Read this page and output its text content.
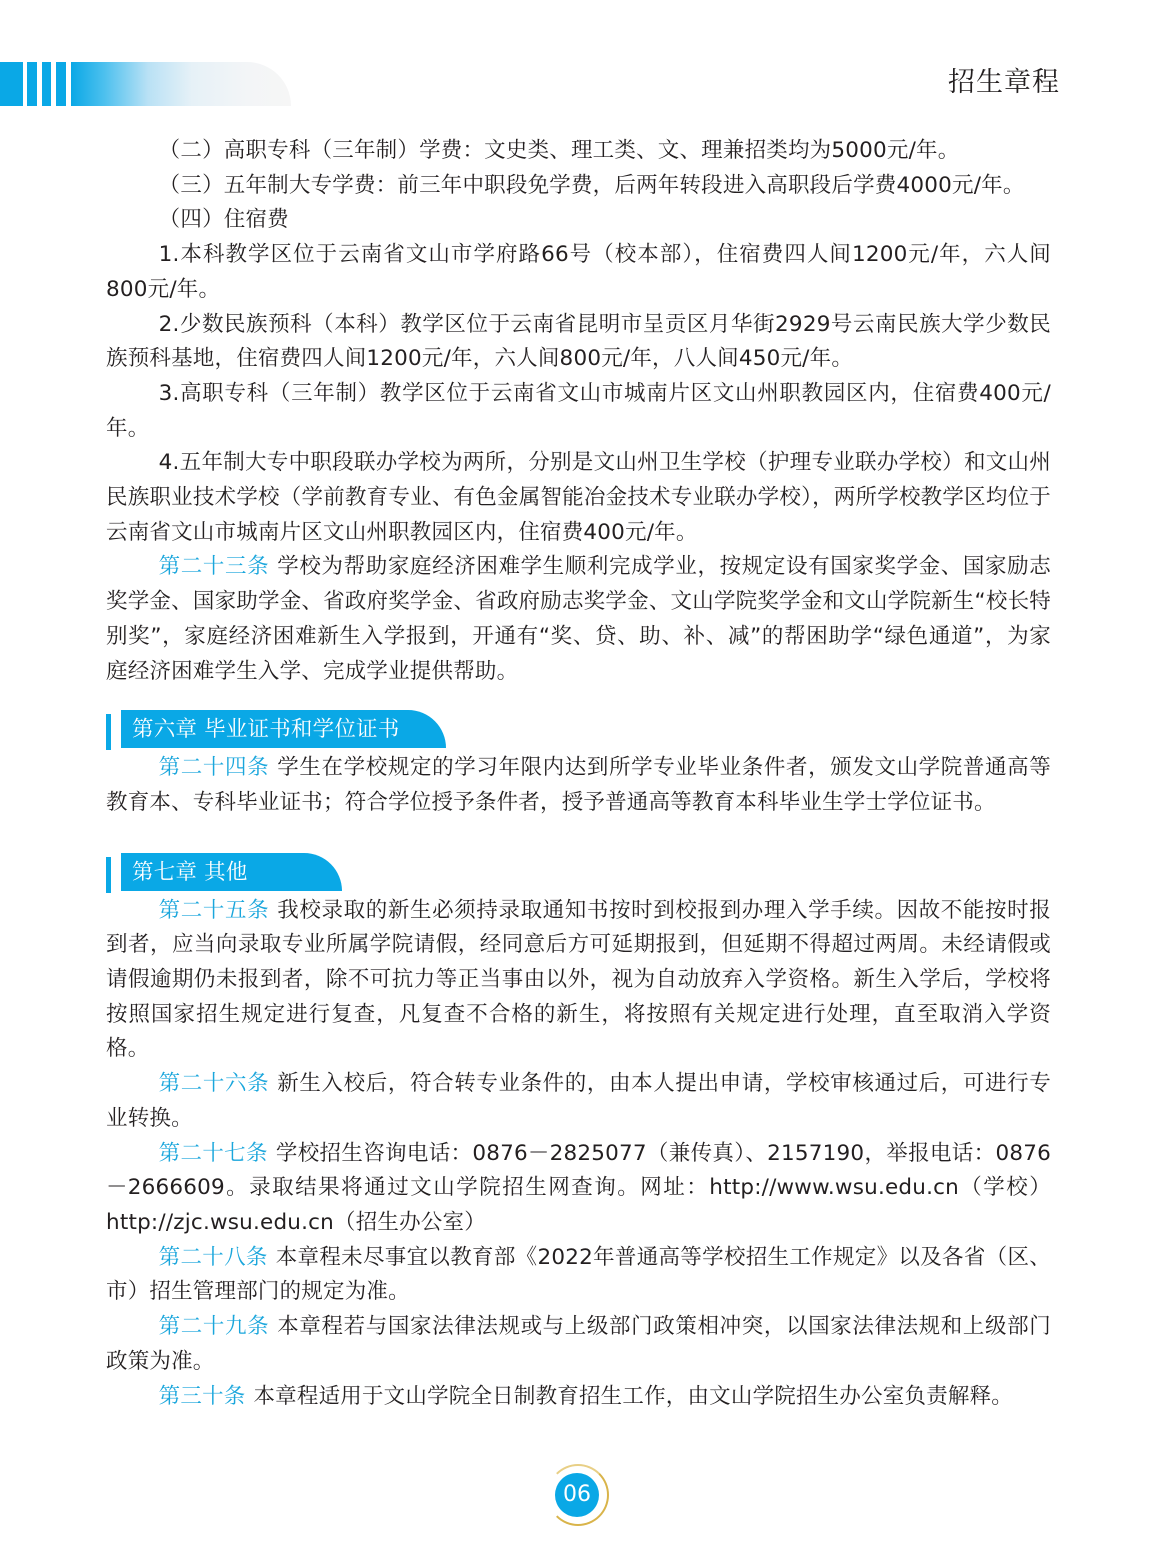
招生章程

（二）高职专科（三年制）学费：文史类、理工类、文、理兼招类均为5000元/年。

（三）五年制大专学费：前三年中职段免学费，后两年转段进入高职段后学费4000元/年。

（四）住宿费

1.本科教学区位于云南省文山市学府路66号（校本部），住宿费四人间1200元/年，六人间800元/年。

2.少数民族预科（本科）教学区位于云南省昆明市呈贡区月华街2929号云南民族大学少数民族预科基地，住宿费四人间1200元/年，六人间800元/年，八人间450元/年。

3.高职专科（三年制）教学区位于云南省文山市城南片区文山州职教园区内，住宿费400元/年。

4.五年制大专中职段联办学校为两所，分别是文山州卫生学校（护理专业联办学校）和文山州民族职业技术学校（学前教育专业、有色金属智能冶金技术专业联办学校），两所学校教学区均位于云南省文山市城南片区文山州职教园区内，住宿费400元/年。

第二十三条 学校为帮助家庭经济困难学生顺利完成学业，按规定设有国家奖学金、国家励志奖学金、国家助学金、省政府奖学金、省政府励志奖学金、文山学院奖学金和文山学院新生“校长特别奖”，家庭经济困难新生入学报到，开通有“奖、贷、助、补、减”的帮困助学“绿色通道”，为家庭经济困难学生入学、完成学业提供帮助。

第六章 毕业证书和学位证书

第二十四条 学生在学校规定的学习年限内达到所学专业毕业条件者，颁发文山学院普通高等教育本、专科毕业证书；符合学位授予条件者，授予普通高等教育本科毕业生学士学位证书。

第七章 其他

第二十五条 我校录取的新生必须持录取通知书按时到校报到办理入学手续。因故不能按时报到者，应当向录取专业所属学院请假，经同意后方可延期报到，但延期不得超过两周。未经请假或请假逾期仍未报到者，除不可抗力等正当事由以外，视为自动放弃入学资格。新生入学后，学校将按照国家招生规定进行复查，凡复查不合格的新生，将按照有关规定进行处理，直至取消入学资格。

第二十六条 新生入校后，符合转专业条件的，由本人提出申请，学校审核通过后，可进行专业转换。

第二十七条 学校招生咨询电话：0876－2825077（兼传真）、2157190，举报电话：0876－2666609。录取结果将通过文山学院招生网查询。网址：http://www.wsu.edu.cn（学校）http://zjc.wsu.edu.cn（招生办公室）

第二十八条 本章程未尽事宜以教育部《2022年普通高等学校招生工作规定》以及各省（区、市）招生管理部门的规定为准。

第二十九条 本章程若与国家法律法规或与上级部门政策相冲突，以国家法律法规和上级部门政策为准。

第三十条 本章程适用于文山学院全日制教育招生工作，由文山学院招生办公室负责解释。

06
